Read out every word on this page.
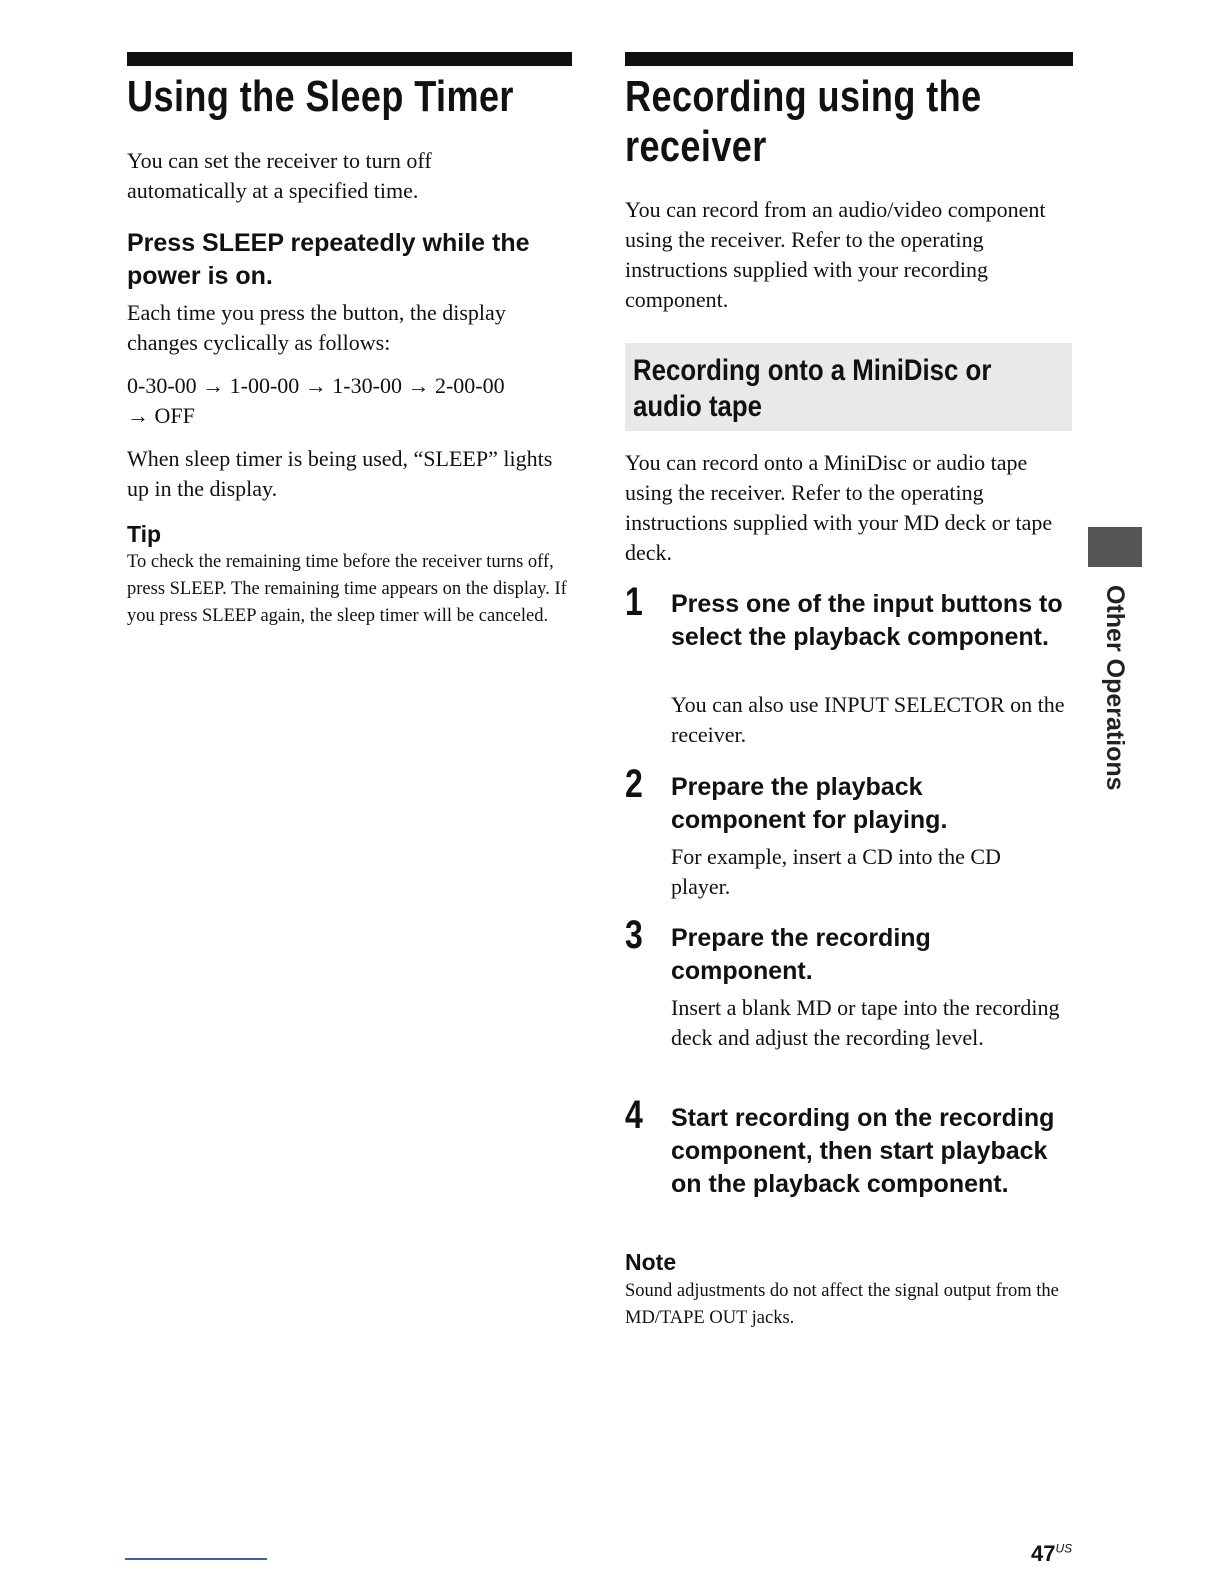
Using the Sleep Timer
You can set the receiver to turn off automatically at a specified time.
Press SLEEP repeatedly while the power is on.
Each time you press the button, the display changes cyclically as follows:
0-30-00 → 1-00-00 → 1-30-00 → 2-00-00
→ OFF
When sleep timer is being used, “SLEEP” lights up in the display.
Tip
To check the remaining time before the receiver turns off, press SLEEP. The remaining time appears on the display. If you press SLEEP again, the sleep timer will be canceled.
Recording using the
receiver
You can record from an audio/video component using the receiver. Refer to the operating instructions supplied with your recording component.
Recording onto a MiniDisc or
audio tape
You can record onto a MiniDisc or audio tape using the receiver. Refer to the operating instructions supplied with your MD deck or tape deck.
1 Press one of the input buttons to select the playback component.
You can also use INPUT SELECTOR on the receiver.
2 Prepare the playback component for playing.
For example, insert a CD into the CD player.
3 Prepare the recording component.
Insert a blank MD or tape into the recording deck and adjust the recording level.
4 Start recording on the recording component, then start playback on the playback component.
Note
Sound adjustments do not affect the signal output from the MD/TAPE OUT jacks.
Other Operations
$47^{US}$
